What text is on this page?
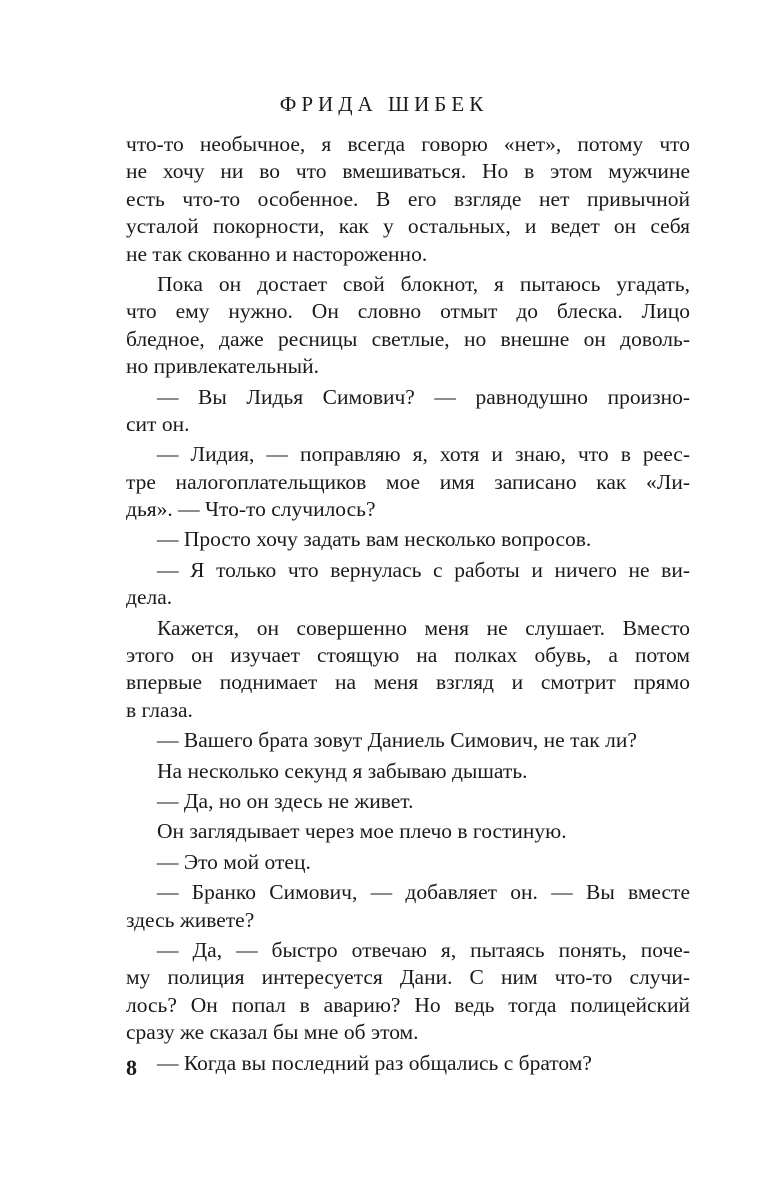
ФРИДА ШИБЕК
что-то необычное, я всегда говорю «нет», потому что
не хочу ни во что вмешиваться. Но в этом мужчине
есть что-то особенное. В его взгляде нет привычной
усталой покорности, как у остальных, и ведет он себя
не так скованно и настороженно.
Пока он достает свой блокнот, я пытаюсь угадать,
что ему нужно. Он словно отмыт до блеска. Лицо
бледное, даже ресницы светлые, но внешне он доволь-
но привлекательный.
— Вы Лидья Симович? — равнодушно произно-
сит он.
— Лидия, — поправляю я, хотя и знаю, что в реес-
тре налогоплательщиков мое имя записано как «Ли-
дья». — Что-то случилось?
— Просто хочу задать вам несколько вопросов.
— Я только что вернулась с работы и ничего не ви-
дела.
Кажется, он совершенно меня не слушает. Вместо
этого он изучает стоящую на полках обувь, а потом
впервые поднимает на меня взгляд и смотрит прямо
в глаза.
— Вашего брата зовут Даниель Симович, не так ли?
На несколько секунд я забываю дышать.
— Да, но он здесь не живет.
Он заглядывает через мое плечо в гостиную.
— Это мой отец.
— Бранко Симович, — добавляет он. — Вы вместе
здесь живете?
— Да, — быстро отвечаю я, пытаясь понять, поче-
му полиция интересуется Дани. С ним что-то случи-
лось? Он попал в аварию? Но ведь тогда полицейский
сразу же сказал бы мне об этом.
— Когда вы последний раз общались с братом?
8
